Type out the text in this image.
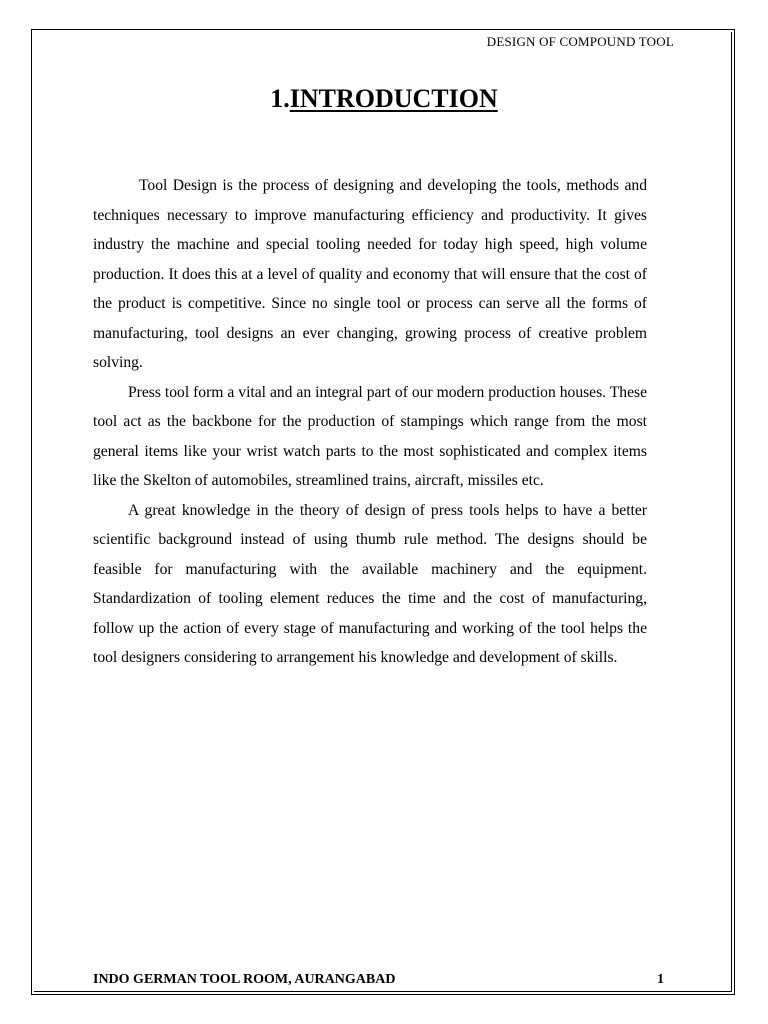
DESIGN OF COMPOUND TOOL
1.INTRODUCTION

Tool Design is the process of designing and developing the tools, methods and techniques necessary to improve manufacturing efficiency and productivity. It gives industry the machine and special tooling needed for today high speed, high volume production. It does this at a level of quality and economy that will ensure that the cost of the product is competitive. Since no single tool or process can serve all the forms of manufacturing, tool designs an ever changing, growing process of creative problem solving.

Press tool form a vital and an integral part of our modern production houses. These tool act as the backbone for the production of stampings which range from the most general items like your wrist watch parts to the most sophisticated and complex items like the Skelton of automobiles, streamlined trains, aircraft, missiles etc.

A great knowledge in the theory of design of press tools helps to have a better scientific background instead of using thumb rule method. The designs should be feasible for manufacturing with the available machinery and the equipment. Standardization of tooling element reduces the time and the cost of manufacturing, follow up the action of every stage of manufacturing and working of the tool helps the tool designers considering to arrangement his knowledge and development of skills.

INDO GERMAN TOOL ROOM, AURANGABAD	1
